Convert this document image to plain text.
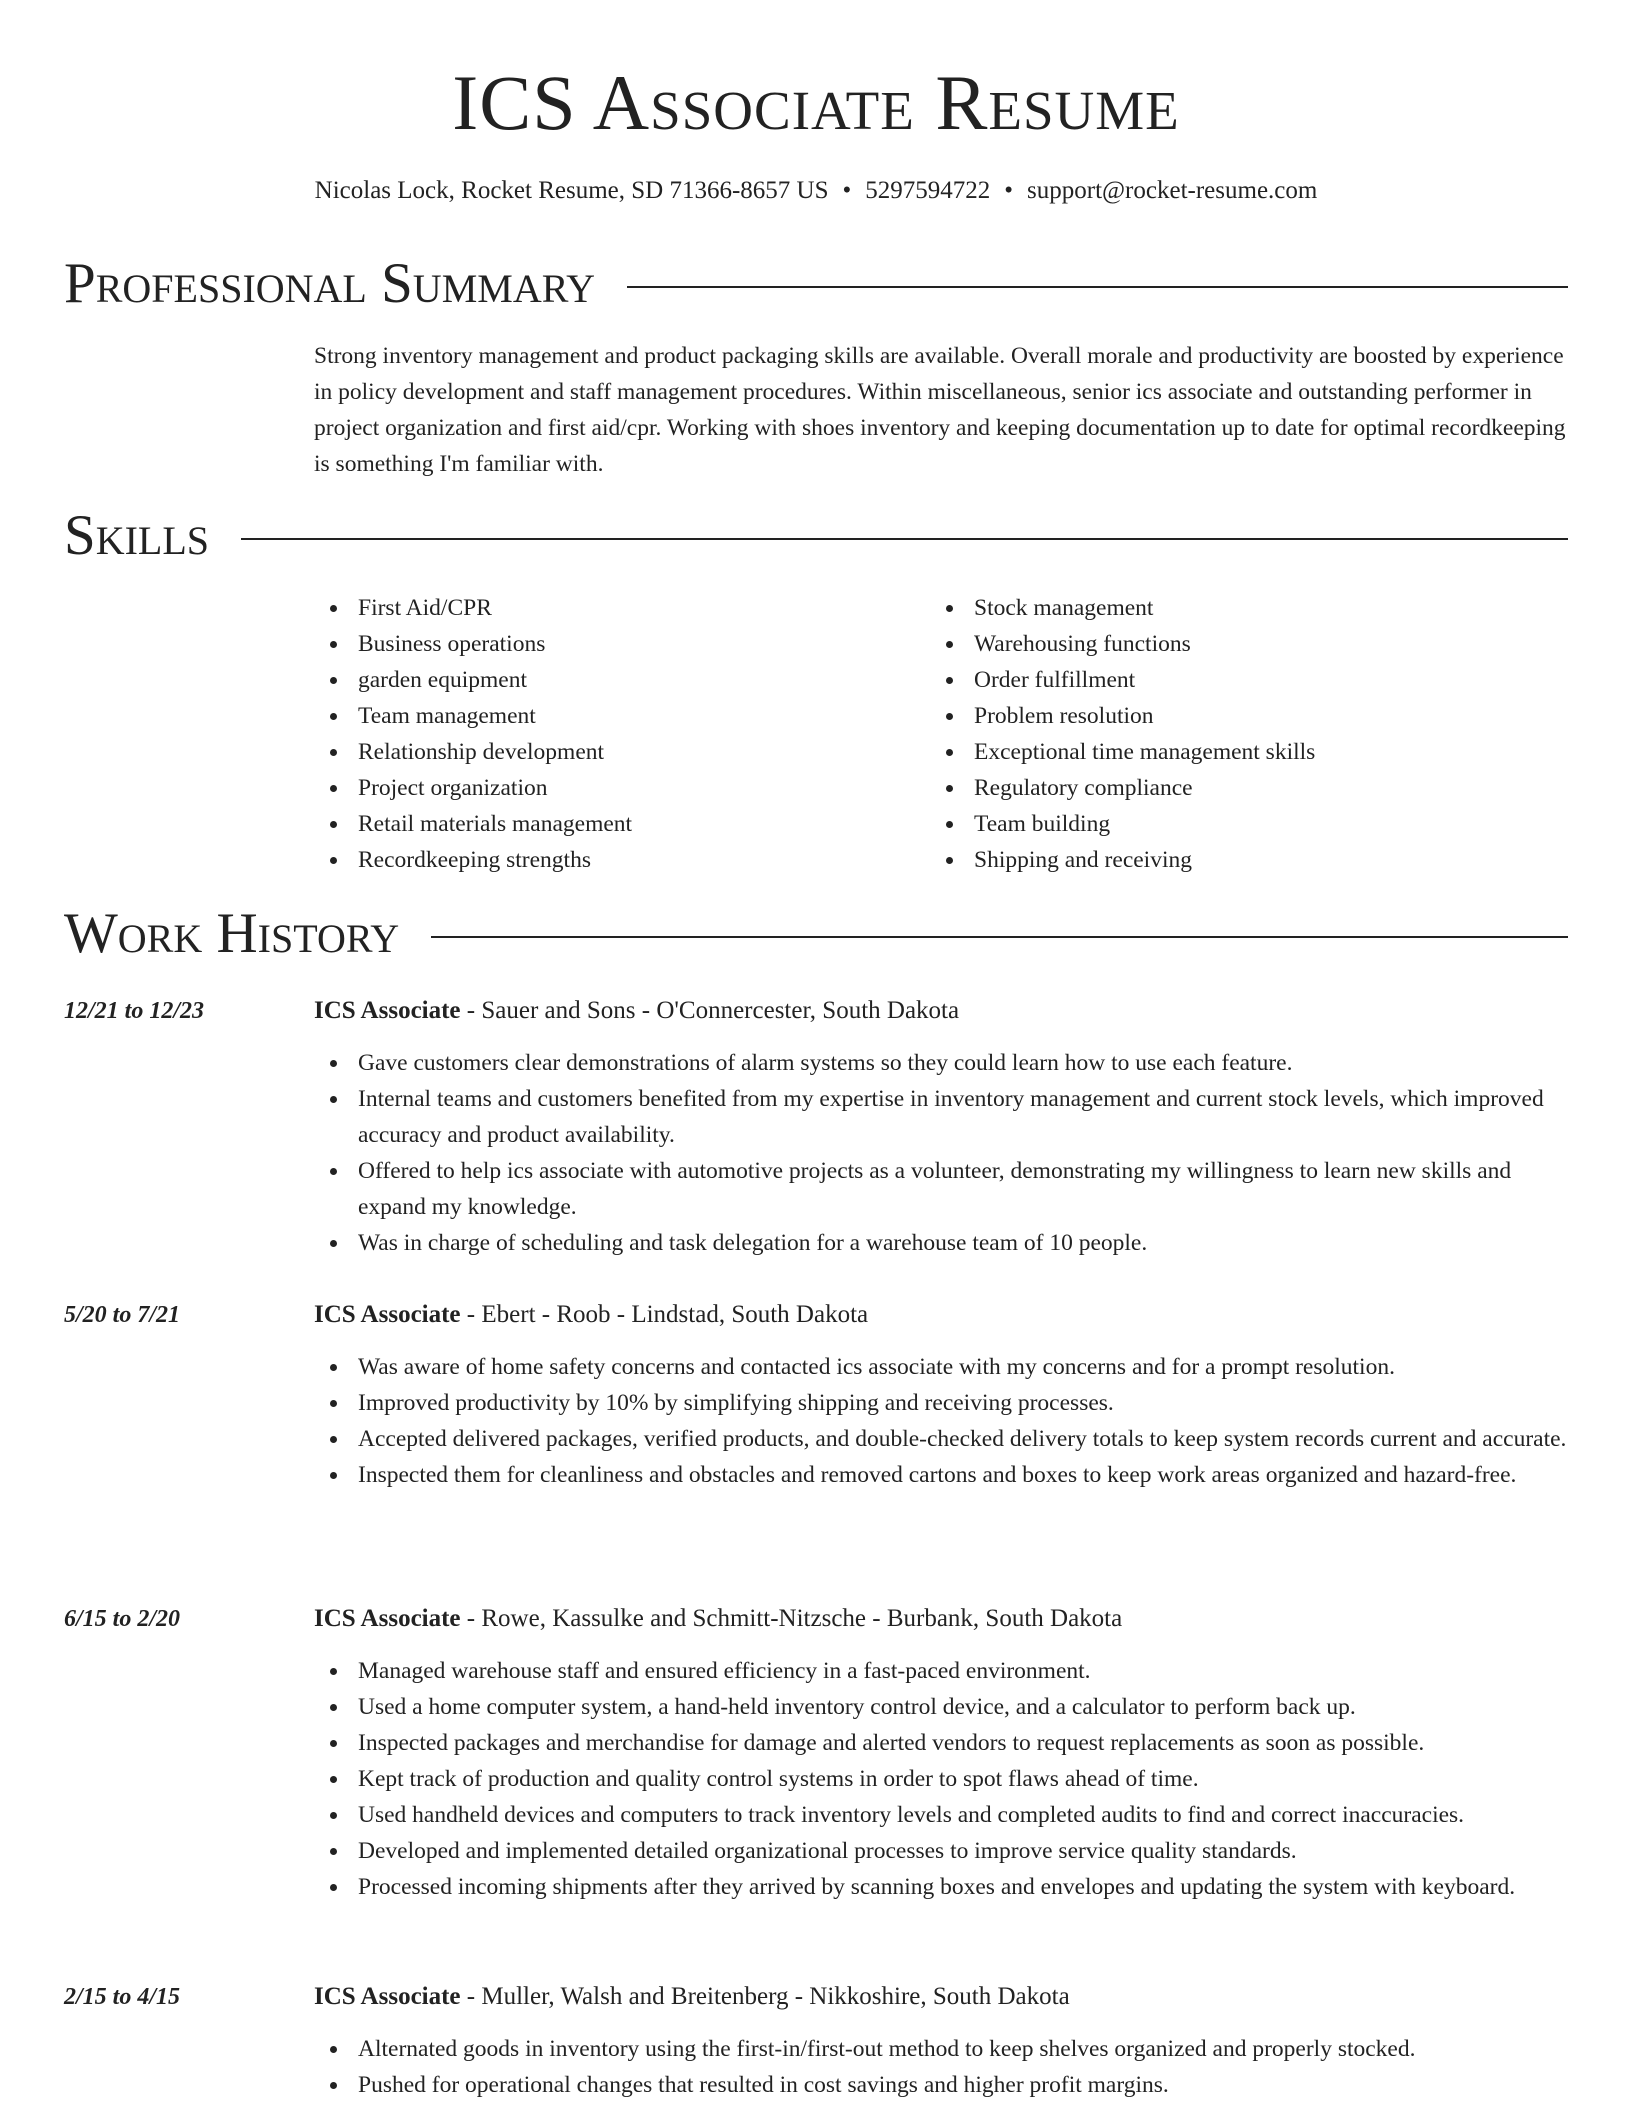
ICS Associate Resume
Nicolas Lock, Rocket Resume, SD 71366-8657 US • 5297594722 • support@rocket-resume.com
Professional Summary
Strong inventory management and product packaging skills are available. Overall morale and productivity are boosted by experience in policy development and staff management procedures. Within miscellaneous, senior ics associate and outstanding performer in project organization and first aid/cpr. Working with shoes inventory and keeping documentation up to date for optimal recordkeeping is something I'm familiar with.
Skills
First Aid/CPR
Business operations
garden equipment
Team management
Relationship development
Project organization
Retail materials management
Recordkeeping strengths
Stock management
Warehousing functions
Order fulfillment
Problem resolution
Exceptional time management skills
Regulatory compliance
Team building
Shipping and receiving
Work History
12/21 to 12/23	ICS Associate - Sauer and Sons - O'Connercester, South Dakota
Gave customers clear demonstrations of alarm systems so they could learn how to use each feature.
Internal teams and customers benefited from my expertise in inventory management and current stock levels, which improved accuracy and product availability.
Offered to help ics associate with automotive projects as a volunteer, demonstrating my willingness to learn new skills and expand my knowledge.
Was in charge of scheduling and task delegation for a warehouse team of 10 people.
5/20 to 7/21	ICS Associate - Ebert - Roob - Lindstad, South Dakota
Was aware of home safety concerns and contacted ics associate with my concerns and for a prompt resolution.
Improved productivity by 10% by simplifying shipping and receiving processes.
Accepted delivered packages, verified products, and double-checked delivery totals to keep system records current and accurate.
Inspected them for cleanliness and obstacles and removed cartons and boxes to keep work areas organized and hazard-free.
6/15 to 2/20	ICS Associate - Rowe, Kassulke and Schmitt-Nitzsche - Burbank, South Dakota
Managed warehouse staff and ensured efficiency in a fast-paced environment.
Used a home computer system, a hand-held inventory control device, and a calculator to perform back up.
Inspected packages and merchandise for damage and alerted vendors to request replacements as soon as possible.
Kept track of production and quality control systems in order to spot flaws ahead of time.
Used handheld devices and computers to track inventory levels and completed audits to find and correct inaccuracies.
Developed and implemented detailed organizational processes to improve service quality standards.
Processed incoming shipments after they arrived by scanning boxes and envelopes and updating the system with keyboard.
2/15 to 4/15	ICS Associate - Muller, Walsh and Breitenberg - Nikkoshire, South Dakota
Alternated goods in inventory using the first-in/first-out method to keep shelves organized and properly stocked.
Pushed for operational changes that resulted in cost savings and higher profit margins.
